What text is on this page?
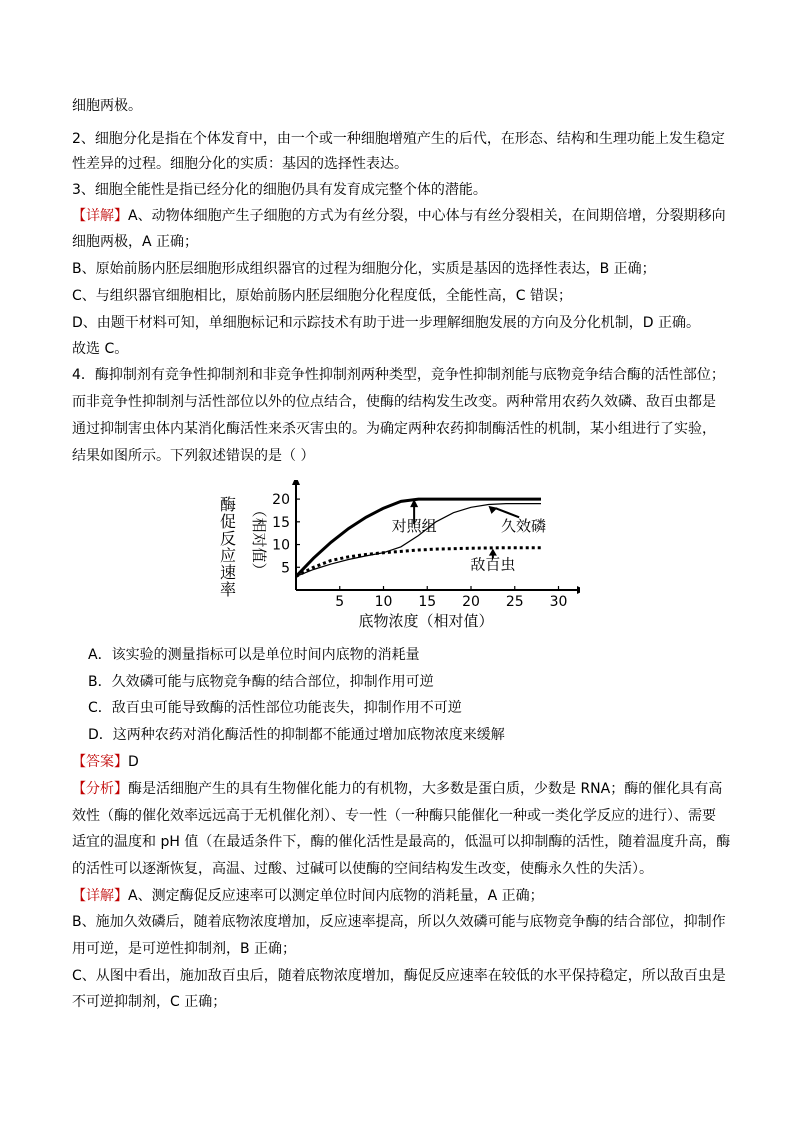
细胞两极。
2、细胞分化是指在个体发育中，由一个或一种细胞增殖产生的后代，在形态、结构和生理功能上发生稳定
性差异的过程。细胞分化的实质：基因的选择性表达。
3、细胞全能性是指已经分化的细胞仍具有发育成完整个体的潜能。
【详解】A、动物体细胞产生子细胞的方式为有丝分裂，中心体与有丝分裂相关，在间期倍增，分裂期移向
细胞两极，A 正确；
B、原始前肠内胚层细胞形成组织器官的过程为细胞分化，实质是基因的选择性表达，B 正确；
C、与组织器官细胞相比，原始前肠内胚层细胞分化程度低，全能性高，C 错误；
D、由题干材料可知，单细胞标记和示踪技术有助于进一步理解细胞发展的方向及分化机制，D 正确。
故选 C。
4．酶抑制剂有竞争性抑制剂和非竞争性抑制剂两种类型，竞争性抑制剂能与底物竞争结合酶的活性部位；
而非竞争性抑制剂与活性部位以外的位点结合，使酶的结构发生改变。两种常用农药久效磷、敌百虫都是
通过抑制害虫体内某消化酶活性来杀灭害虫的。为确定两种农药抑制酶活性的机制，某小组进行了实验，
结果如图所示。下列叙述错误的是（ ）
5 10 15 20 25 30
5
10
15
20
对照组	久效磷
敌百虫
酶
促
反
应
速
率
（相对值）
底物浓度（相对值）
A．该实验的测量指标可以是单位时间内底物的消耗量
B．久效磷可能与底物竞争酶的结合部位，抑制作用可逆
C．敌百虫可能导致酶的活性部位功能丧失，抑制作用不可逆
D．这两种农药对消化酶活性的抑制都不能通过增加底物浓度来缓解
【答案】D
【分析】酶是活细胞产生的具有生物催化能力的有机物，大多数是蛋白质，少数是 RNA；酶的催化具有高
效性（酶的催化效率远远高于无机催化剂）、专一性（一种酶只能催化一种或一类化学反应的进行）、需要
适宜的温度和 pH 值（在最适条件下，酶的催化活性是最高的，低温可以抑制酶的活性，随着温度升高，酶
的活性可以逐渐恢复，高温、过酸、过碱可以使酶的空间结构发生改变，使酶永久性的失活）。
【详解】A、测定酶促反应速率可以测定单位时间内底物的消耗量，A 正确；
B、施加久效磷后，随着底物浓度增加，反应速率提高，所以久效磷可能与底物竞争酶的结合部位，抑制作
用可逆，是可逆性抑制剂，B 正确；
C、从图中看出，施加敌百虫后，随着底物浓度增加，酶促反应速率在较低的水平保持稳定，所以敌百虫是
不可逆抑制剂，C 正确；
